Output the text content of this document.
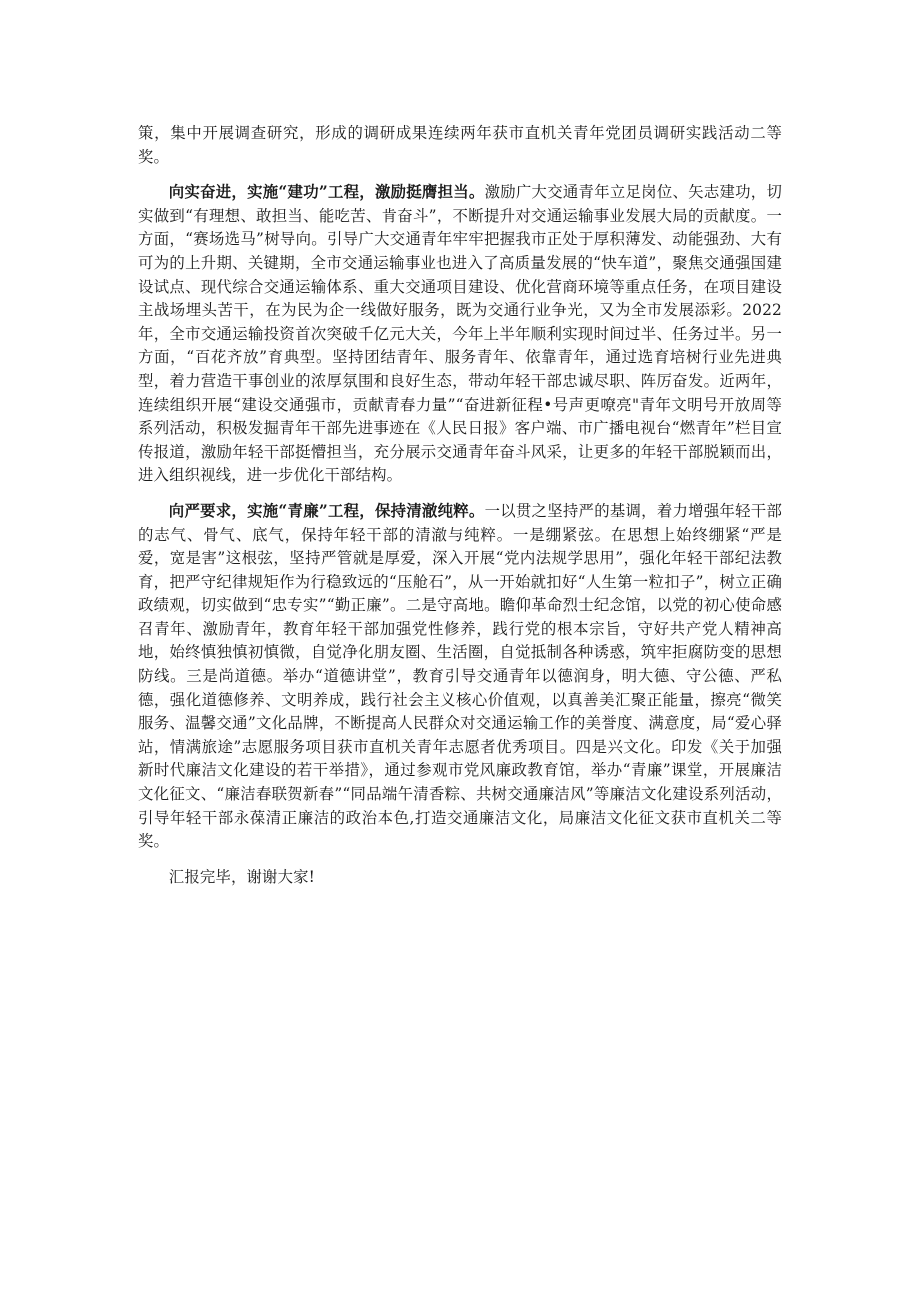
策，集中开展调查研究，形成的调研成果连续两年获市直机关青年党团员调研实践活动二等奖。

向实奋进，实施“建功”工程，激励挺膺担当。激励广大交通青年立足岗位、矢志建功，切实做到“有理想、敢担当、能吃苦、肯奋斗”，不断提升对交通运输事业发展大局的贡献度。一方面，“赛场选马”树导向。引导广大交通青年牢牢把握我市正处于厚积薄发、动能强劲、大有可为的上升期、关键期，全市交通运输事业也进入了高质量发展的“快车道”，聚焦交通强国建设试点、现代综合交通运输体系、重大交通项目建设、优化营商环境等重点任务，在项目建设主战场埋头苦干，在为民为企一线做好服务，既为交通行业争光，又为全市发展添彩。2022年，全市交通运输投资首次突破千亿元大关，今年上半年顺利实现时间过半、任务过半。另一方面，“百花齐放”育典型。坚持团结青年、服务青年、依靠青年，通过选育培树行业先进典型，着力营造干事创业的浓厚氛围和良好生态，带动年轻干部忠诚尽职、阵厉奋发。近两年，连续组织开展“建设交通强市，贡献青春力量”“奋进新征程•号声更嘹亮"青年文明号开放周等系列活动，积极发掘青年干部先进事迹在《人民日报》客户端、市广播电视台“燃青年”栏目宣传报道，激励年轻干部挺懵担当，充分展示交通青年奋斗风采，让更多的年轻干部脱颖而出，进入组织视线，进一步优化干部结构。

向严要求，实施“青廉”工程，保持清澈纯粹。一以贯之坚持严的基调，着力增强年轻干部的志气、骨气、底气，保持年轻干部的清澈与纯粹。一是绷紧弦。在思想上始终绷紧“严是爱，宽是害”这根弦，坚持严管就是厚爱，深入开展“党内法规学思用”，强化年轻干部纪法教育，把严守纪律规矩作为行稳致远的“压舱石”，从一开始就扣好“人生第一粒扣子”，树立正确政绩观，切实做到“忠专实”“勤正廉”。二是守高地。瞻仰革命烈士纪念馆，以党的初心使命感召青年、激励青年，教育年轻干部加强党性修养，践行党的根本宗旨，守好共产党人精神高地，始终慎独慎初慎微，自觉净化朋友圈、生活圈，自觉抵制各种诱惑，筑牢拒腐防变的思想防线。三是尚道德。举办“道德讲堂”，教育引导交通青年以德润身，明大德、守公德、严私德，强化道德修养、文明养成，践行社会主义核心价值观，以真善美汇聚正能量，擦亮“微笑服务、温馨交通”文化品牌，不断提高人民群众对交通运输工作的美誉度、满意度，局“爱心驿站，情满旅途”志愿服务项目获市直机关青年志愿者优秀项目。四是兴文化。印发《关于加强新时代廉洁文化建设的若干举措》，通过参观市党风廉政教育馆，举办“青廉”课堂，开展廉洁文化征文、“廉洁春联贺新春”“同品端午清香粽、共树交通廉洁风”等廉洁文化建设系列活动，引导年轻干部永葆清正廉洁的政治本色,打造交通廉洁文化，局廉洁文化征文获市直机关二等奖。

汇报完毕，谢谢大家!
